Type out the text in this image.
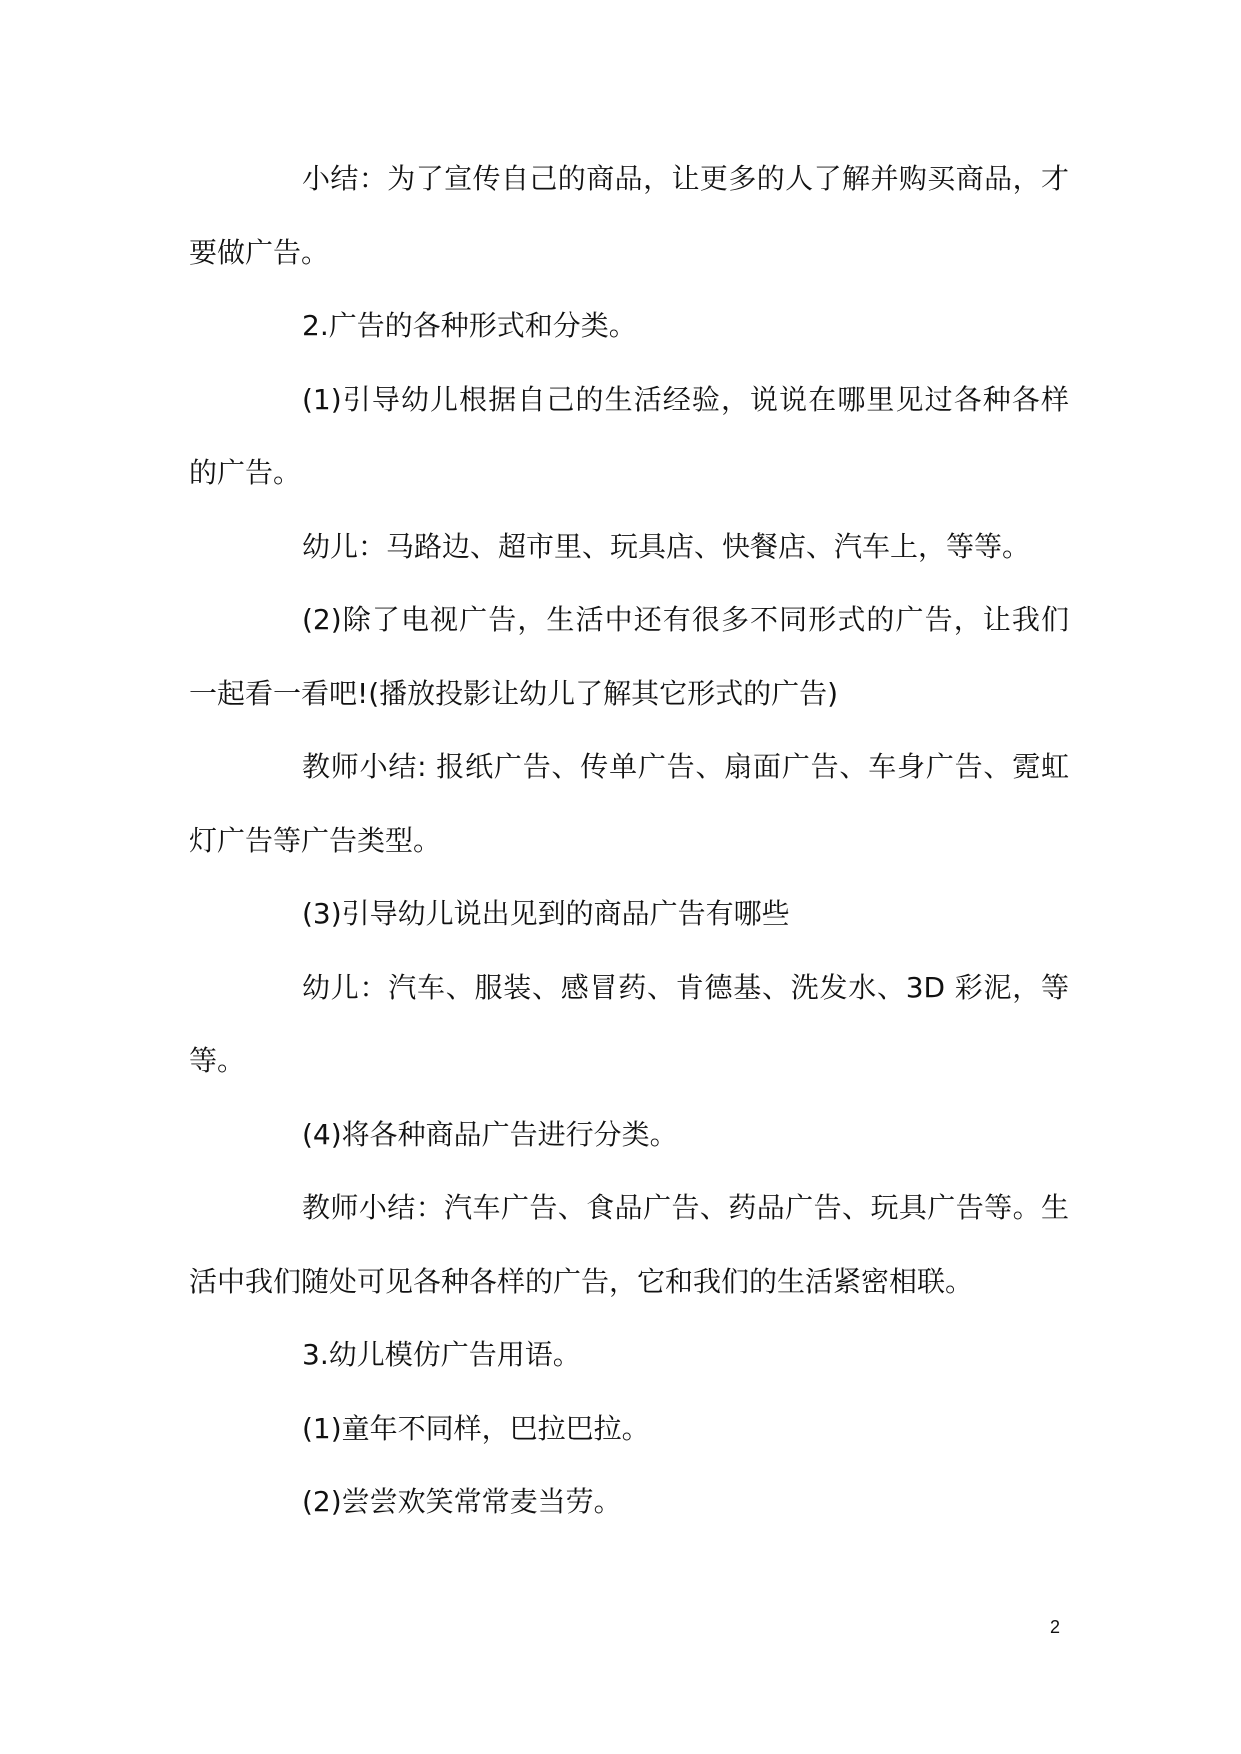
小结：为了宣传自己的商品，让更多的人了解并购买商品，才要做广告。

2.广告的各种形式和分类。

(1)引导幼儿根据自己的生活经验，说说在哪里见过各种各样的广告。

幼儿：马路边、超市里、玩具店、快餐店、汽车上，等等。

(2)除了电视广告，生活中还有很多不同形式的广告，让我们一起看一看吧!(播放投影让幼儿了解其它形式的广告)

教师小结: 报纸广告、传单广告、扇面广告、车身广告、霓虹灯广告等广告类型。

(3)引导幼儿说出见到的商品广告有哪些

幼儿：汽车、服装、感冒药、肯德基、洗发水、3D 彩泥，等等。

(4)将各种商品广告进行分类。

教师小结：汽车广告、食品广告、药品广告、玩具广告等。生活中我们随处可见各种各样的广告，它和我们的生活紧密相联。

3.幼儿模仿广告用语。

(1)童年不同样，巴拉巴拉。

(2)尝尝欢笑常常麦当劳。

2
